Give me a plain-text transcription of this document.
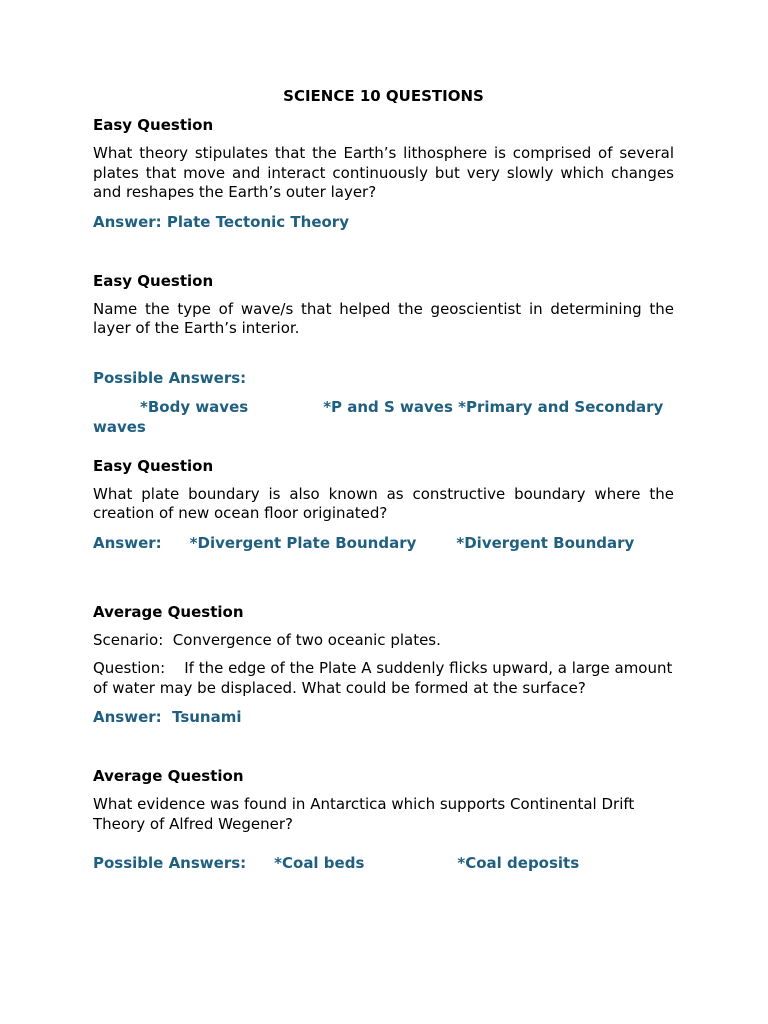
SCIENCE 10 QUESTIONS
Easy Question
What theory stipulates that the Earth’s lithosphere is comprised of several plates that move and interact continuously but very slowly which changes and reshapes the Earth’s outer layer?
Answer: Plate Tectonic Theory
Easy Question
Name the type of wave/s that helped the geoscientist in determining the layer of the Earth’s interior.
Possible Answers:
*Body waves	*P and S waves *Primary and Secondary waves
Easy Question
What plate boundary is also known as constructive boundary where the creation of new ocean floor originated?
Answer: *Divergent Plate Boundary	*Divergent Boundary
Average Question
Scenario:  Convergence of two oceanic plates.
Question:    If the edge of the Plate A suddenly flicks upward, a large amount of water may be displaced. What could be formed at the surface?
Answer:  Tsunami
Average Question
What evidence was found in Antarctica which supports Continental Drift Theory of Alfred Wegener?
Possible Answers: *Coal beds	*Coal deposits
